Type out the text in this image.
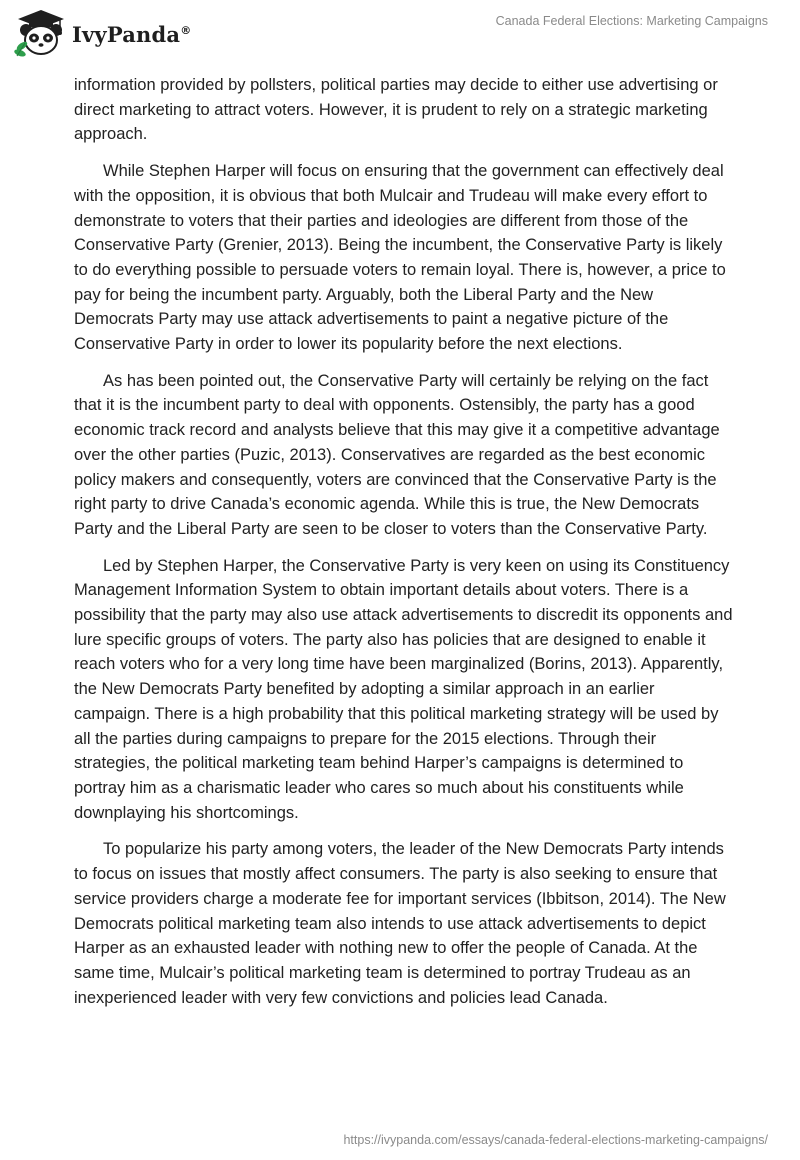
IvyPanda®
Canada Federal Elections: Marketing Campaigns

information provided by pollsters, political parties may decide to either use advertising or direct marketing to attract voters. However, it is prudent to rely on a strategic marketing approach.

While Stephen Harper will focus on ensuring that the government can effectively deal with the opposition, it is obvious that both Mulcair and Trudeau will make every effort to demonstrate to voters that their parties and ideologies are different from those of the Conservative Party (Grenier, 2013). Being the incumbent, the Conservative Party is likely to do everything possible to persuade voters to remain loyal. There is, however, a price to pay for being the incumbent party. Arguably, both the Liberal Party and the New Democrats Party may use attack advertisements to paint a negative picture of the Conservative Party in order to lower its popularity before the next elections.

As has been pointed out, the Conservative Party will certainly be relying on the fact that it is the incumbent party to deal with opponents. Ostensibly, the party has a good economic track record and analysts believe that this may give it a competitive advantage over the other parties (Puzic, 2013). Conservatives are regarded as the best economic policy makers and consequently, voters are convinced that the Conservative Party is the right party to drive Canada’s economic agenda. While this is true, the New Democrats Party and the Liberal Party are seen to be closer to voters than the Conservative Party.

Led by Stephen Harper, the Conservative Party is very keen on using its Constituency Management Information System to obtain important details about voters. There is a possibility that the party may also use attack advertisements to discredit its opponents and lure specific groups of voters. The party also has policies that are designed to enable it reach voters who for a very long time have been marginalized (Borins, 2013). Apparently, the New Democrats Party benefited by adopting a similar approach in an earlier campaign. There is a high probability that this political marketing strategy will be used by all the parties during campaigns to prepare for the 2015 elections. Through their strategies, the political marketing team behind Harper’s campaigns is determined to portray him as a charismatic leader who cares so much about his constituents while downplaying his shortcomings.

To popularize his party among voters, the leader of the New Democrats Party intends to focus on issues that mostly affect consumers. The party is also seeking to ensure that service providers charge a moderate fee for important services (Ibbitson, 2014). The New Democrats political marketing team also intends to use attack advertisements to depict Harper as an exhausted leader with nothing new to offer the people of Canada. At the same time, Mulcair’s political marketing team is determined to portray Trudeau as an inexperienced leader with very few convictions and policies lead Canada.

https://ivypanda.com/essays/canada-federal-elections-marketing-campaigns/
